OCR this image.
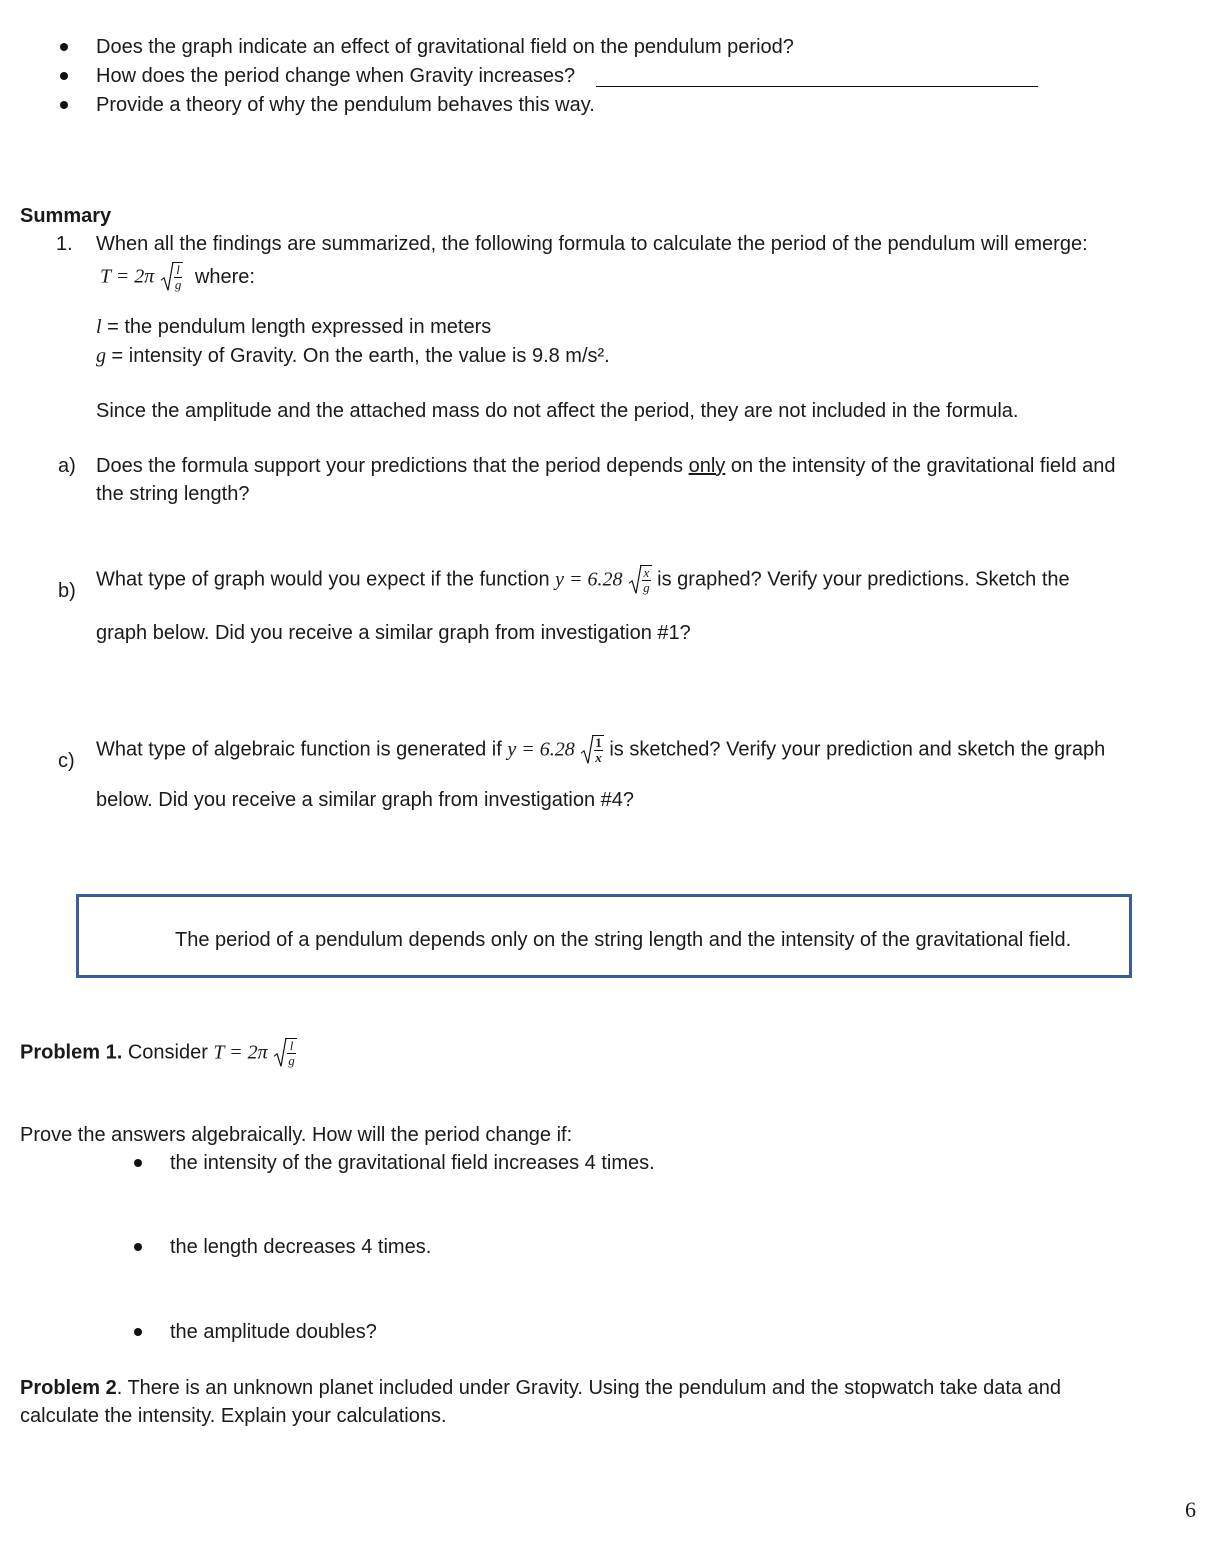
Does the graph indicate an effect of gravitational field on the pendulum period?
How does the period change when Gravity increases?
Provide a theory of why the pendulum behaves this way.
Summary
1. When all the findings are summarized, the following formula to calculate the period of the pendulum will emerge:
$T = 2\pi \frac{l}{g}$ where:
l = the pendulum length expressed in meters
g = intensity of Gravity. On the earth, the value is 9.8 m/s².
Since the amplitude and the attached mass do not affect the period, they are not included in the formula.
a) Does the formula support your predictions that the period depends only on the intensity of the gravitational field and
the string length?
b)
What type of graph would you expect if the function $y = 6.28 \frac{x}{g}$ is graphed? Verify your predictions. Sketch the
graph below. Did you receive a similar graph from investigation #1?
c)
What type of algebraic function is generated if $y = 6.28 \frac{1}{x}$ is sketched? Verify your prediction and sketch the graph
below. Did you receive a similar graph from investigation #4?
The period of a pendulum depends only on the string length and the intensity of the gravitational field.
Problem 1. Consider $T = 2\pi \frac{l}{g}$
Prove the answers algebraically. How will the period change if:
the intensity of the gravitational field increases 4 times.
the length decreases 4 times.
the amplitude doubles?
Problem 2. There is an unknown planet included under Gravity. Using the pendulum and the stopwatch take data and
calculate the intensity. Explain your calculations.
6
